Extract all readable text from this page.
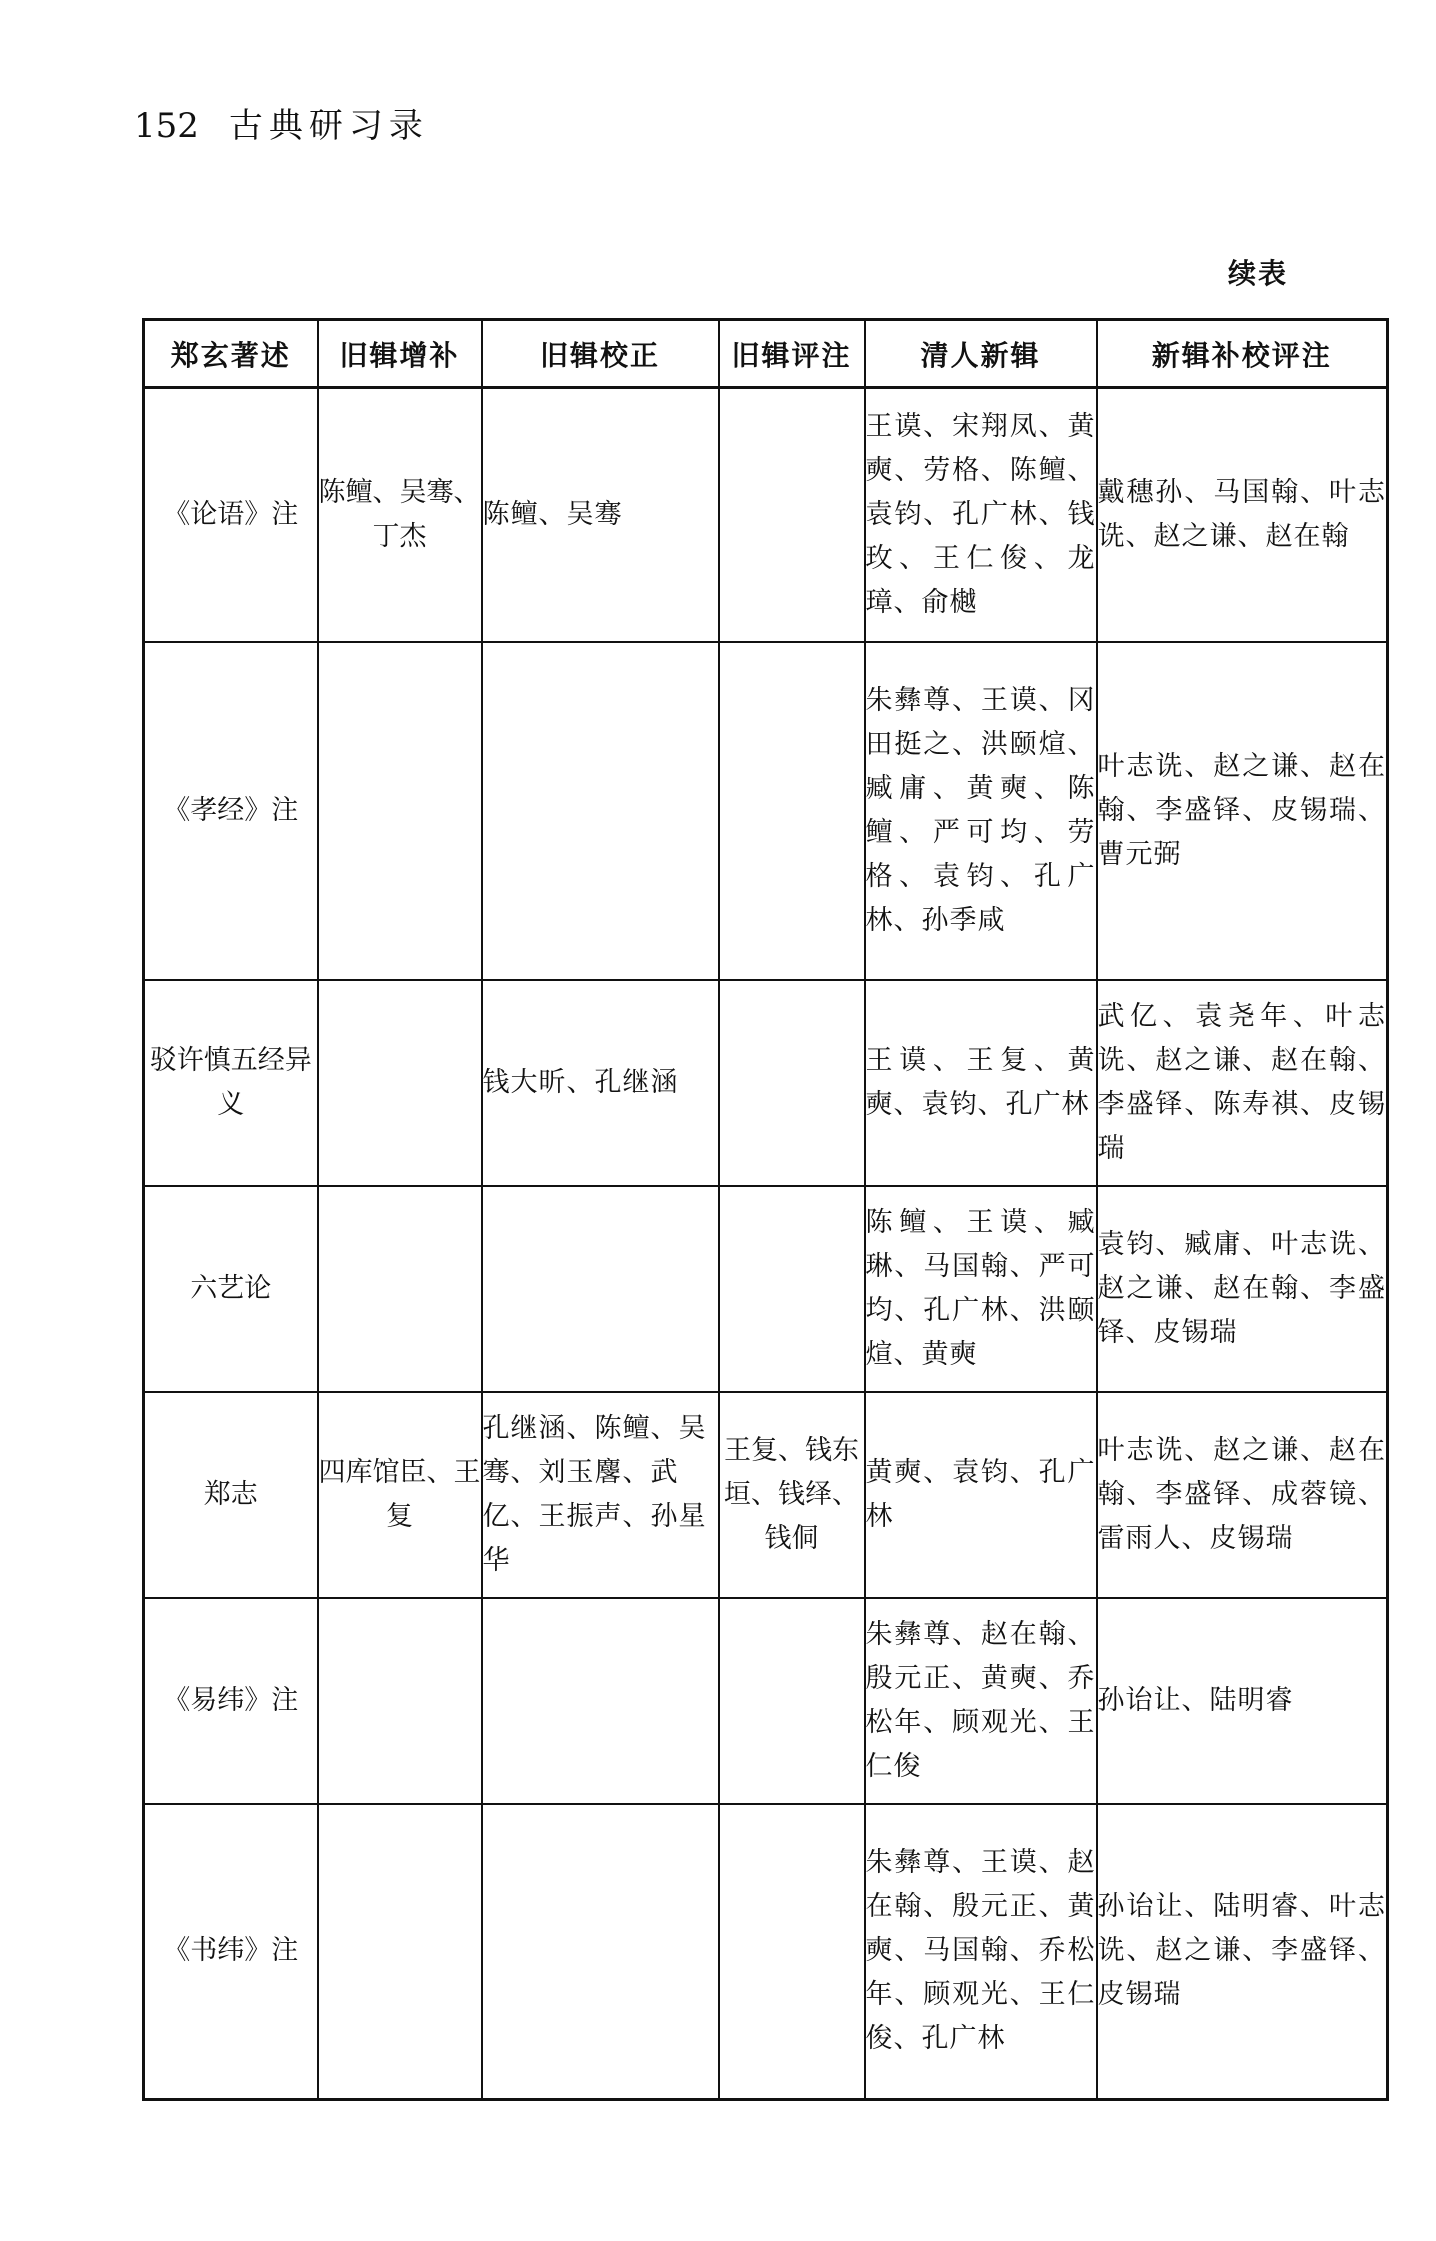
152 古典研习录
续表
郑玄著述	旧辑增补	旧辑校正	旧辑评注	清人新辑	新辑补校评注
《论语》注	陈鳣、吴骞、丁杰	陈鳣、吴骞		王谟、宋翔凤、黄奭、劳格、陈鳣、袁钧、孔广林、钱玫、王仁俊、龙璋、俞樾	戴穗孙、马国翰、叶志诜、赵之谦、赵在翰
《孝经》注				朱彝尊、王谟、冈田挺之、洪颐煊、臧庸、黄奭、陈鳣、严可均、劳格、袁钧、孔广林、孙季咸	叶志诜、赵之谦、赵在翰、李盛铎、皮锡瑞、曹元弼
驳许慎五经异义		钱大昕、孔继涵		王谟、王复、黄奭、袁钧、孔广林	武亿、袁尧年、叶志诜、赵之谦、赵在翰、李盛铎、陈寿祺、皮锡瑞
六艺论				陈鳣、王谟、臧琳、马国翰、严可均、孔广林、洪颐煊、黄奭	袁钧、臧庸、叶志诜、赵之谦、赵在翰、李盛铎、皮锡瑞
郑志	四库馆臣、王复	孔继涵、陈鳣、吴骞、刘玉麐、武亿、王振声、孙星华	王复、钱东垣、钱绎、钱侗	黄奭、袁钧、孔广林	叶志诜、赵之谦、赵在翰、李盛铎、成蓉镜、雷雨人、皮锡瑞
《易纬》注				朱彝尊、赵在翰、殷元正、黄奭、乔松年、顾观光、王仁俊	孙诒让、陆明睿
《书纬》注				朱彝尊、王谟、赵在翰、殷元正、黄奭、马国翰、乔松年、顾观光、王仁俊、孔广林	孙诒让、陆明睿、叶志诜、赵之谦、李盛铎、皮锡瑞
